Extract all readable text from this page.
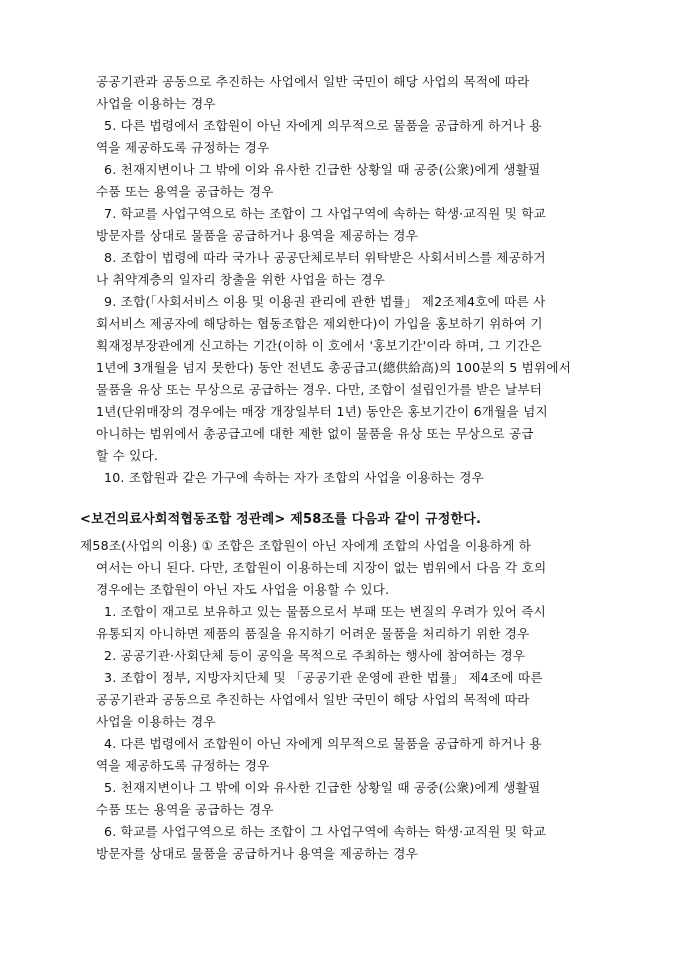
공공기관과 공동으로 추진하는 사업에서 일반 국민이 해당 사업의 목적에 따라
사업을 이용하는 경우
5. 다른 법령에서 조합원이 아닌 자에게 의무적으로 물품을 공급하게 하거나 용
역을 제공하도록 규정하는 경우
6. 천재지변이나 그 밖에 이와 유사한 긴급한 상황일 때 공중(公衆)에게 생활필
수품 또는 용역을 공급하는 경우
7. 학교를 사업구역으로 하는 조합이 그 사업구역에 속하는 학생·교직원 및 학교
방문자를 상대로 물품을 공급하거나 용역을 제공하는 경우
8. 조합이 법령에 따라 국가나 공공단체로부터 위탁받은 사회서비스를 제공하거
나 취약계층의 일자리 창출을 위한 사업을 하는 경우
9. 조합(「사회서비스 이용 및 이용권 관리에 관한 법률」 제2조제4호에 따른 사
회서비스 제공자에 해당하는 협동조합은 제외한다)이 가입을 홍보하기 위하여 기
획재정부장관에게 신고하는 기간(이하 이 호에서 '홍보기간'이라 하며, 그 기간은
1년에 3개월을 넘지 못한다) 동안 전년도 총공급고(總供給高)의 100분의 5 범위에서
물품을 유상 또는 무상으로 공급하는 경우. 다만, 조합이 설립인가를 받은 날부터
1년(단위매장의 경우에는 매장 개장일부터 1년) 동안은 홍보기간이 6개월을 넘지
아니하는 범위에서 총공급고에 대한 제한 없이 물품을 유상 또는 무상으로 공급
할 수 있다.
10. 조합원과 같은 가구에 속하는 자가 조합의 사업을 이용하는 경우
<보건의료사회적협동조합 정관례> 제58조를 다음과 같이 규정한다.
제58조(사업의 이용) ① 조합은 조합원이 아닌 자에게 조합의 사업을 이용하게 하
여서는 아니 된다. 다만, 조합원이 이용하는데 지장이 없는 범위에서 다음 각 호의
경우에는 조합원이 아닌 자도 사업을 이용할 수 있다.
1. 조합이 재고로 보유하고 있는 물품으로서 부패 또는 변질의 우려가 있어 즉시
유통되지 아니하면 제품의 품질을 유지하기 어려운 물품을 처리하기 위한 경우
2. 공공기관·사회단체 등이 공익을 목적으로 주최하는 행사에 참여하는 경우
3. 조합이 정부, 지방자치단체 및 「공공기관 운영에 관한 법률」 제4조에 따른
공공기관과 공동으로 추진하는 사업에서 일반 국민이 해당 사업의 목적에 따라
사업을 이용하는 경우
4. 다른 법령에서 조합원이 아닌 자에게 의무적으로 물품을 공급하게 하거나 용
역을 제공하도록 규정하는 경우
5. 천재지변이나 그 밖에 이와 유사한 긴급한 상황일 때 공중(公衆)에게 생활필
수품 또는 용역을 공급하는 경우
6. 학교를 사업구역으로 하는 조합이 그 사업구역에 속하는 학생·교직원 및 학교
방문자를 상대로 물품을 공급하거나 용역을 제공하는 경우
